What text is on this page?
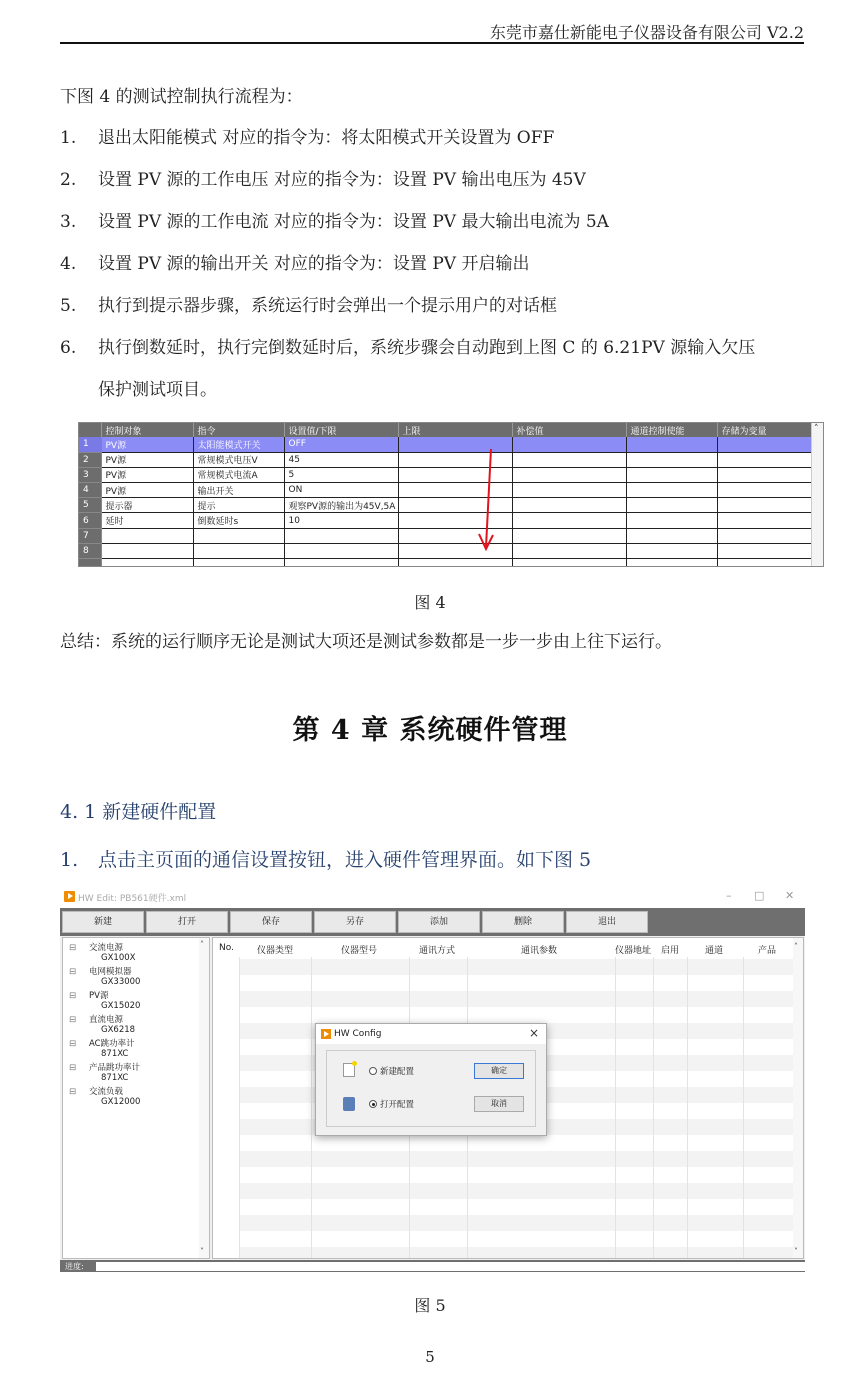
东莞市嘉仕新能电子仪器设备有限公司 V2.2
下图 4 的测试控制执行流程为：
1. 退出太阳能模式 对应的指令为：将太阳模式开关设置为 OFF
2. 设置 PV 源的工作电压 对应的指令为：设置 PV 输出电压为 45V
3. 设置 PV 源的工作电流 对应的指令为：设置 PV 最大输出电流为 5A
4. 设置 PV 源的输出开关 对应的指令为：设置 PV 开启输出
5. 执行到提示器步骤，系统运行时会弹出一个提示用户的对话框
6. 执行倒数延时，执行完倒数延时后，系统步骤会自动跑到上图 C 的 6.21PV 源输入欠压
保护测试项目。
	控制对象	指令	设置值/下限	上限	补偿值	通道控制使能	存储为变量
1	PV源	太阳能模式开关	OFF				
2	PV源	常规模式电压V	45				
3	PV源	常规模式电流A	5				
4	PV源	输出开关	ON				
5	提示器	提示	观察PV源的输出为45V,5A				
6	延时	倒数延时s	10				
7							
8							

˄
图 4
总结：系统的运行顺序无论是测试大项还是测试参数都是一步一步由上往下运行。
第 4 章 系统硬件管理
4. 1 新建硬件配置
1. 点击主页面的通信设置按钮，进入硬件管理界面。如下图 5
HW Edit: PB561硬件.xml	– □ ✕
新建	打开	保存	另存	添加	删除	退出
⊟ 交流电源
GX100X
⊟ 电网模拟器
GX33000
⊟ PV源
GX15020
⊟ 直流电源
GX6218
⊟ AC跳功率计
871XC
⊟ 产品跳功率计
871XC
⊟ 交流负载
GX12000
˄
˅
No.	仪器类型	仪器型号	通讯方式	通讯参数	仪器地址 启用	通道	产品 ˄
˅
HW Config	×
新建配置	确定
打开配置	取消
进度:
图 5
5
